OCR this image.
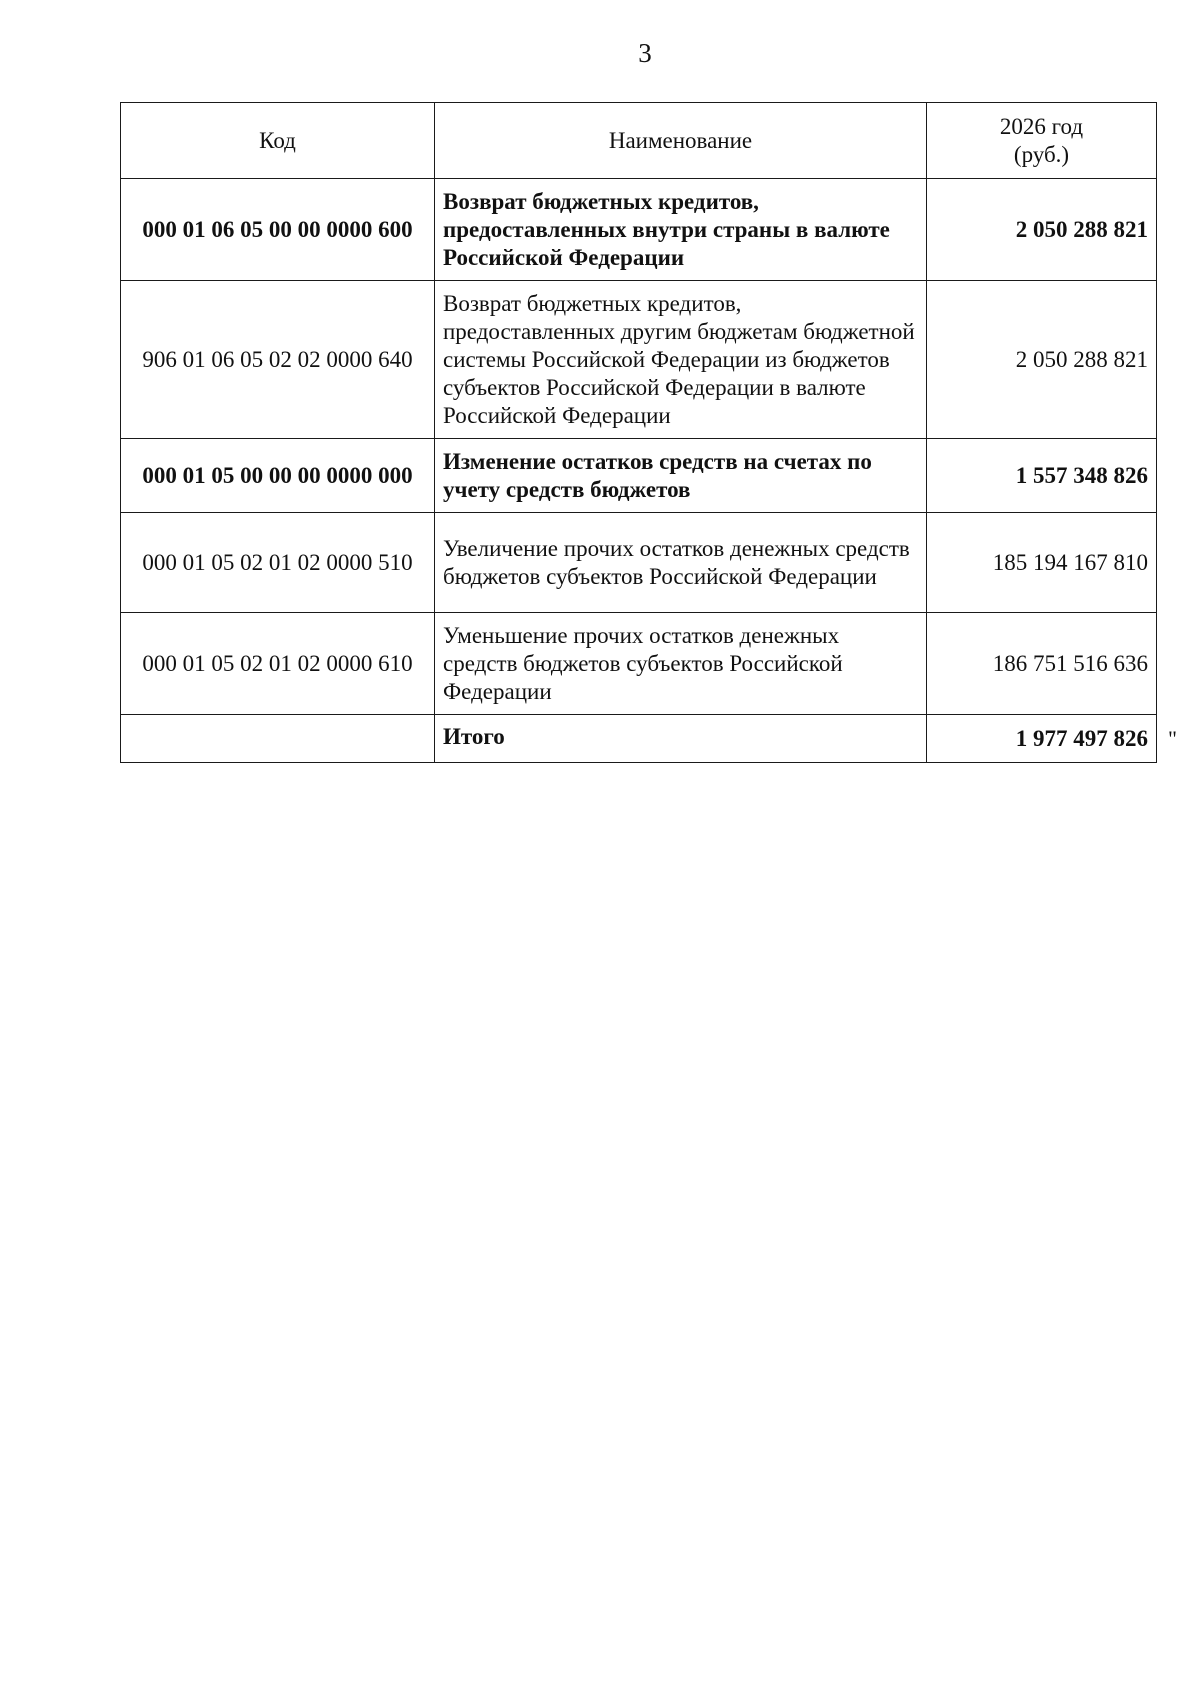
3
Код	Наименование	2026 год
(руб.)

000 01 06 05 00 00 0000 600	Возврат бюджетных кредитов, предоставленных внутри страны в валюте Российской Федерации	2 050 288 821
906 01 06 05 02 02 0000 640	Возврат бюджетных кредитов, предоставленных другим бюджетам бюджетной системы Российской Федерации из бюджетов субъектов Российской Федерации в валюте Российской Федерации	2 050 288 821
000 01 05 00 00 00 0000 000	Изменение остатков средств на счетах по учету средств бюджетов	1 557 348 826
000 01 05 02 01 02 0000 510	Увеличение прочих остатков денежных средств бюджетов субъектов Российской Федерации	185 194 167 810
000 01 05 02 01 02 0000 610	Уменьшение прочих остатков денежных средств бюджетов субъектов Российской Федерации	186 751 516 636
	Итого	1 977 497 826 "
